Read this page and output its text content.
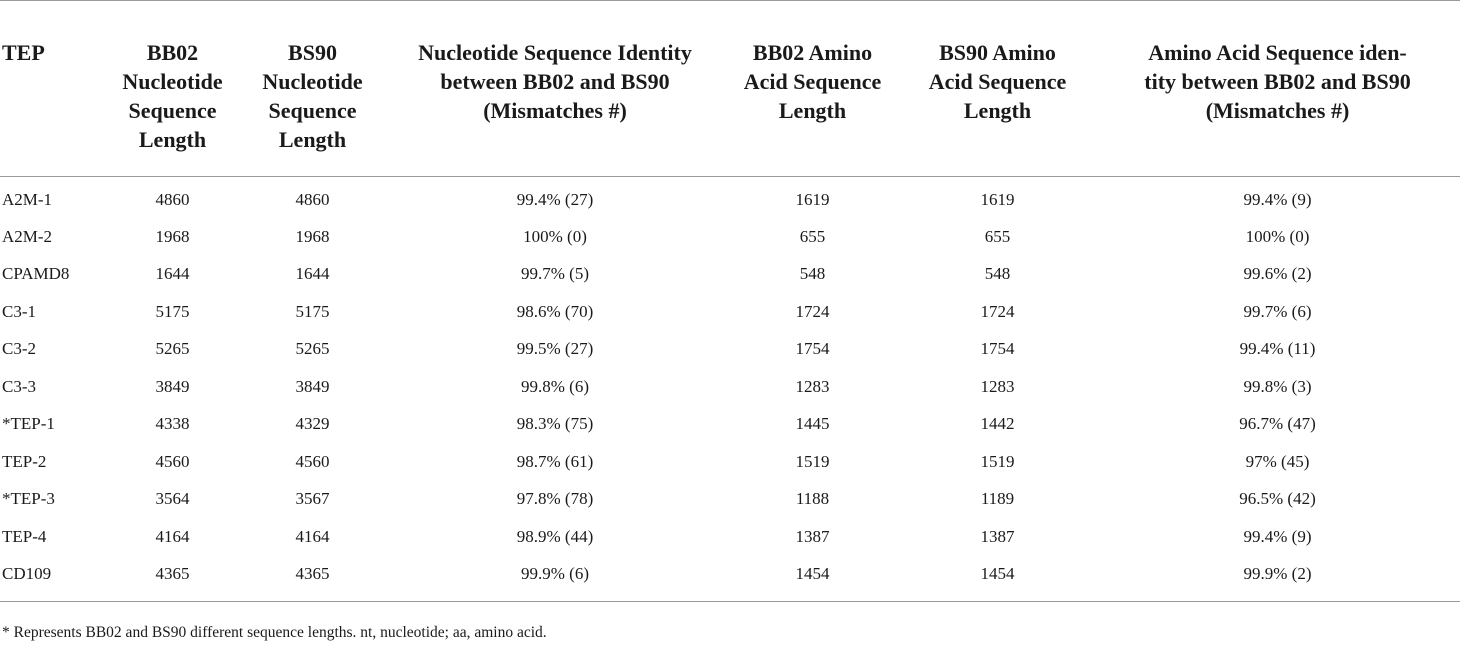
TEP	BB02
Nucleotide
Sequence
Length	BS90
Nucleotide
Sequence
Length	Nucleotide Sequence Identity
between BB02 and BS90
(Mismatches #)	BB02 Amino
Acid Sequence
Length	BS90 Amino
Acid Sequence
Length	Amino Acid Sequence iden-
tity between BB02 and BS90
(Mismatches #)
A2M-1	4860	4860	99.4% (27)	1619	1619	99.4% (9)
A2M-2	1968	1968	100% (0)	655	655	100% (0)
CPAMD8	1644	1644	99.7% (5)	548	548	99.6% (2)
C3-1	5175	5175	98.6% (70)	1724	1724	99.7% (6)
C3-2	5265	5265	99.5% (27)	1754	1754	99.4% (11)
C3-3	3849	3849	99.8% (6)	1283	1283	99.8% (3)
*TEP-1	4338	4329	98.3% (75)	1445	1442	96.7% (47)
TEP-2	4560	4560	98.7% (61)	1519	1519	97% (45)
*TEP-3	3564	3567	97.8% (78)	1188	1189	96.5% (42)
TEP-4	4164	4164	98.9% (44)	1387	1387	99.4% (9)
CD109	4365	4365	99.9% (6)	1454	1454	99.9% (2)
* Represents BB02 and BS90 different sequence lengths. nt, nucleotide; aa, amino acid.
